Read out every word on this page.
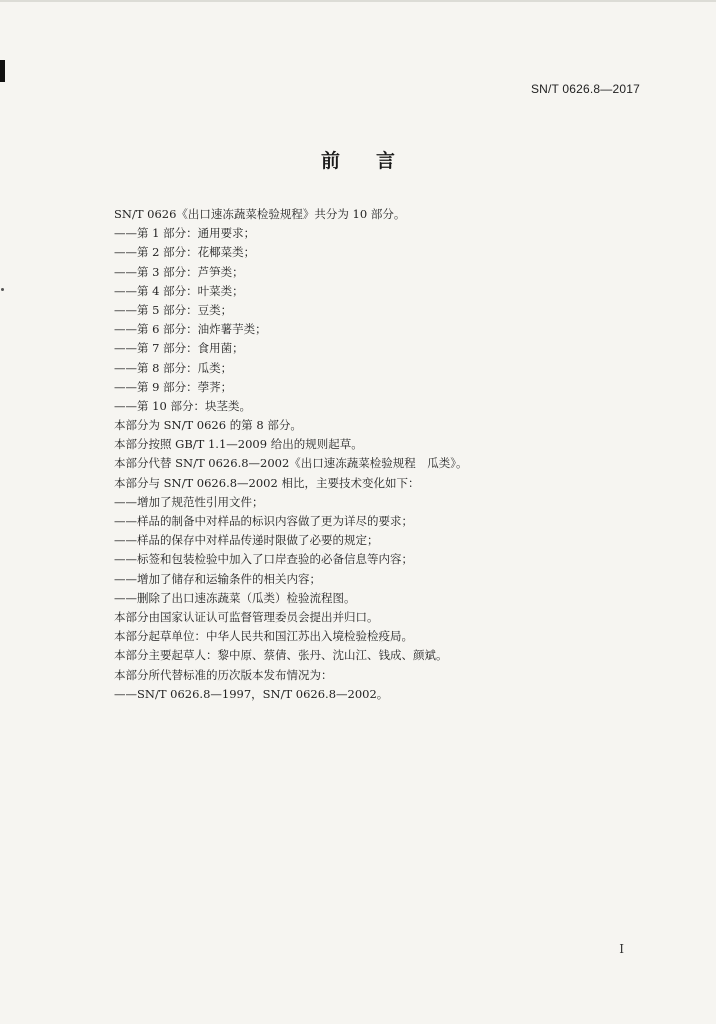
SN/T 0626.8—2017
前 言
SN/T 0626《出口速冻蔬菜检验规程》共分为 10 部分。
——第 1 部分：通用要求；
——第 2 部分：花椰菜类；
——第 3 部分：芦笋类；
——第 4 部分：叶菜类；
——第 5 部分：豆类；
——第 6 部分：油炸薯芋类；
——第 7 部分：食用菌；
——第 8 部分：瓜类；
——第 9 部分：荸荠；
——第 10 部分：块茎类。
本部分为 SN/T 0626 的第 8 部分。
本部分按照 GB/T 1.1—2009 给出的规则起草。
本部分代替 SN/T 0626.8—2002《出口速冻蔬菜检验规程　瓜类》。
本部分与 SN/T 0626.8—2002 相比，主要技术变化如下：
——增加了规范性引用文件；
——样品的制备中对样品的标识内容做了更为详尽的要求；
——样品的保存中对样品传递时限做了必要的规定；
——标签和包装检验中加入了口岸查验的必备信息等内容；
——增加了储存和运输条件的相关内容；
——删除了出口速冻蔬菜（瓜类）检验流程图。
本部分由国家认证认可监督管理委员会提出并归口。
本部分起草单位：中华人民共和国江苏出入境检验检疫局。
本部分主要起草人：黎中原、蔡倩、张丹、沈山江、钱成、颜斌。
本部分所代替标准的历次版本发布情况为：
——SN/T 0626.8—1997，SN/T 0626.8—2002。
I
